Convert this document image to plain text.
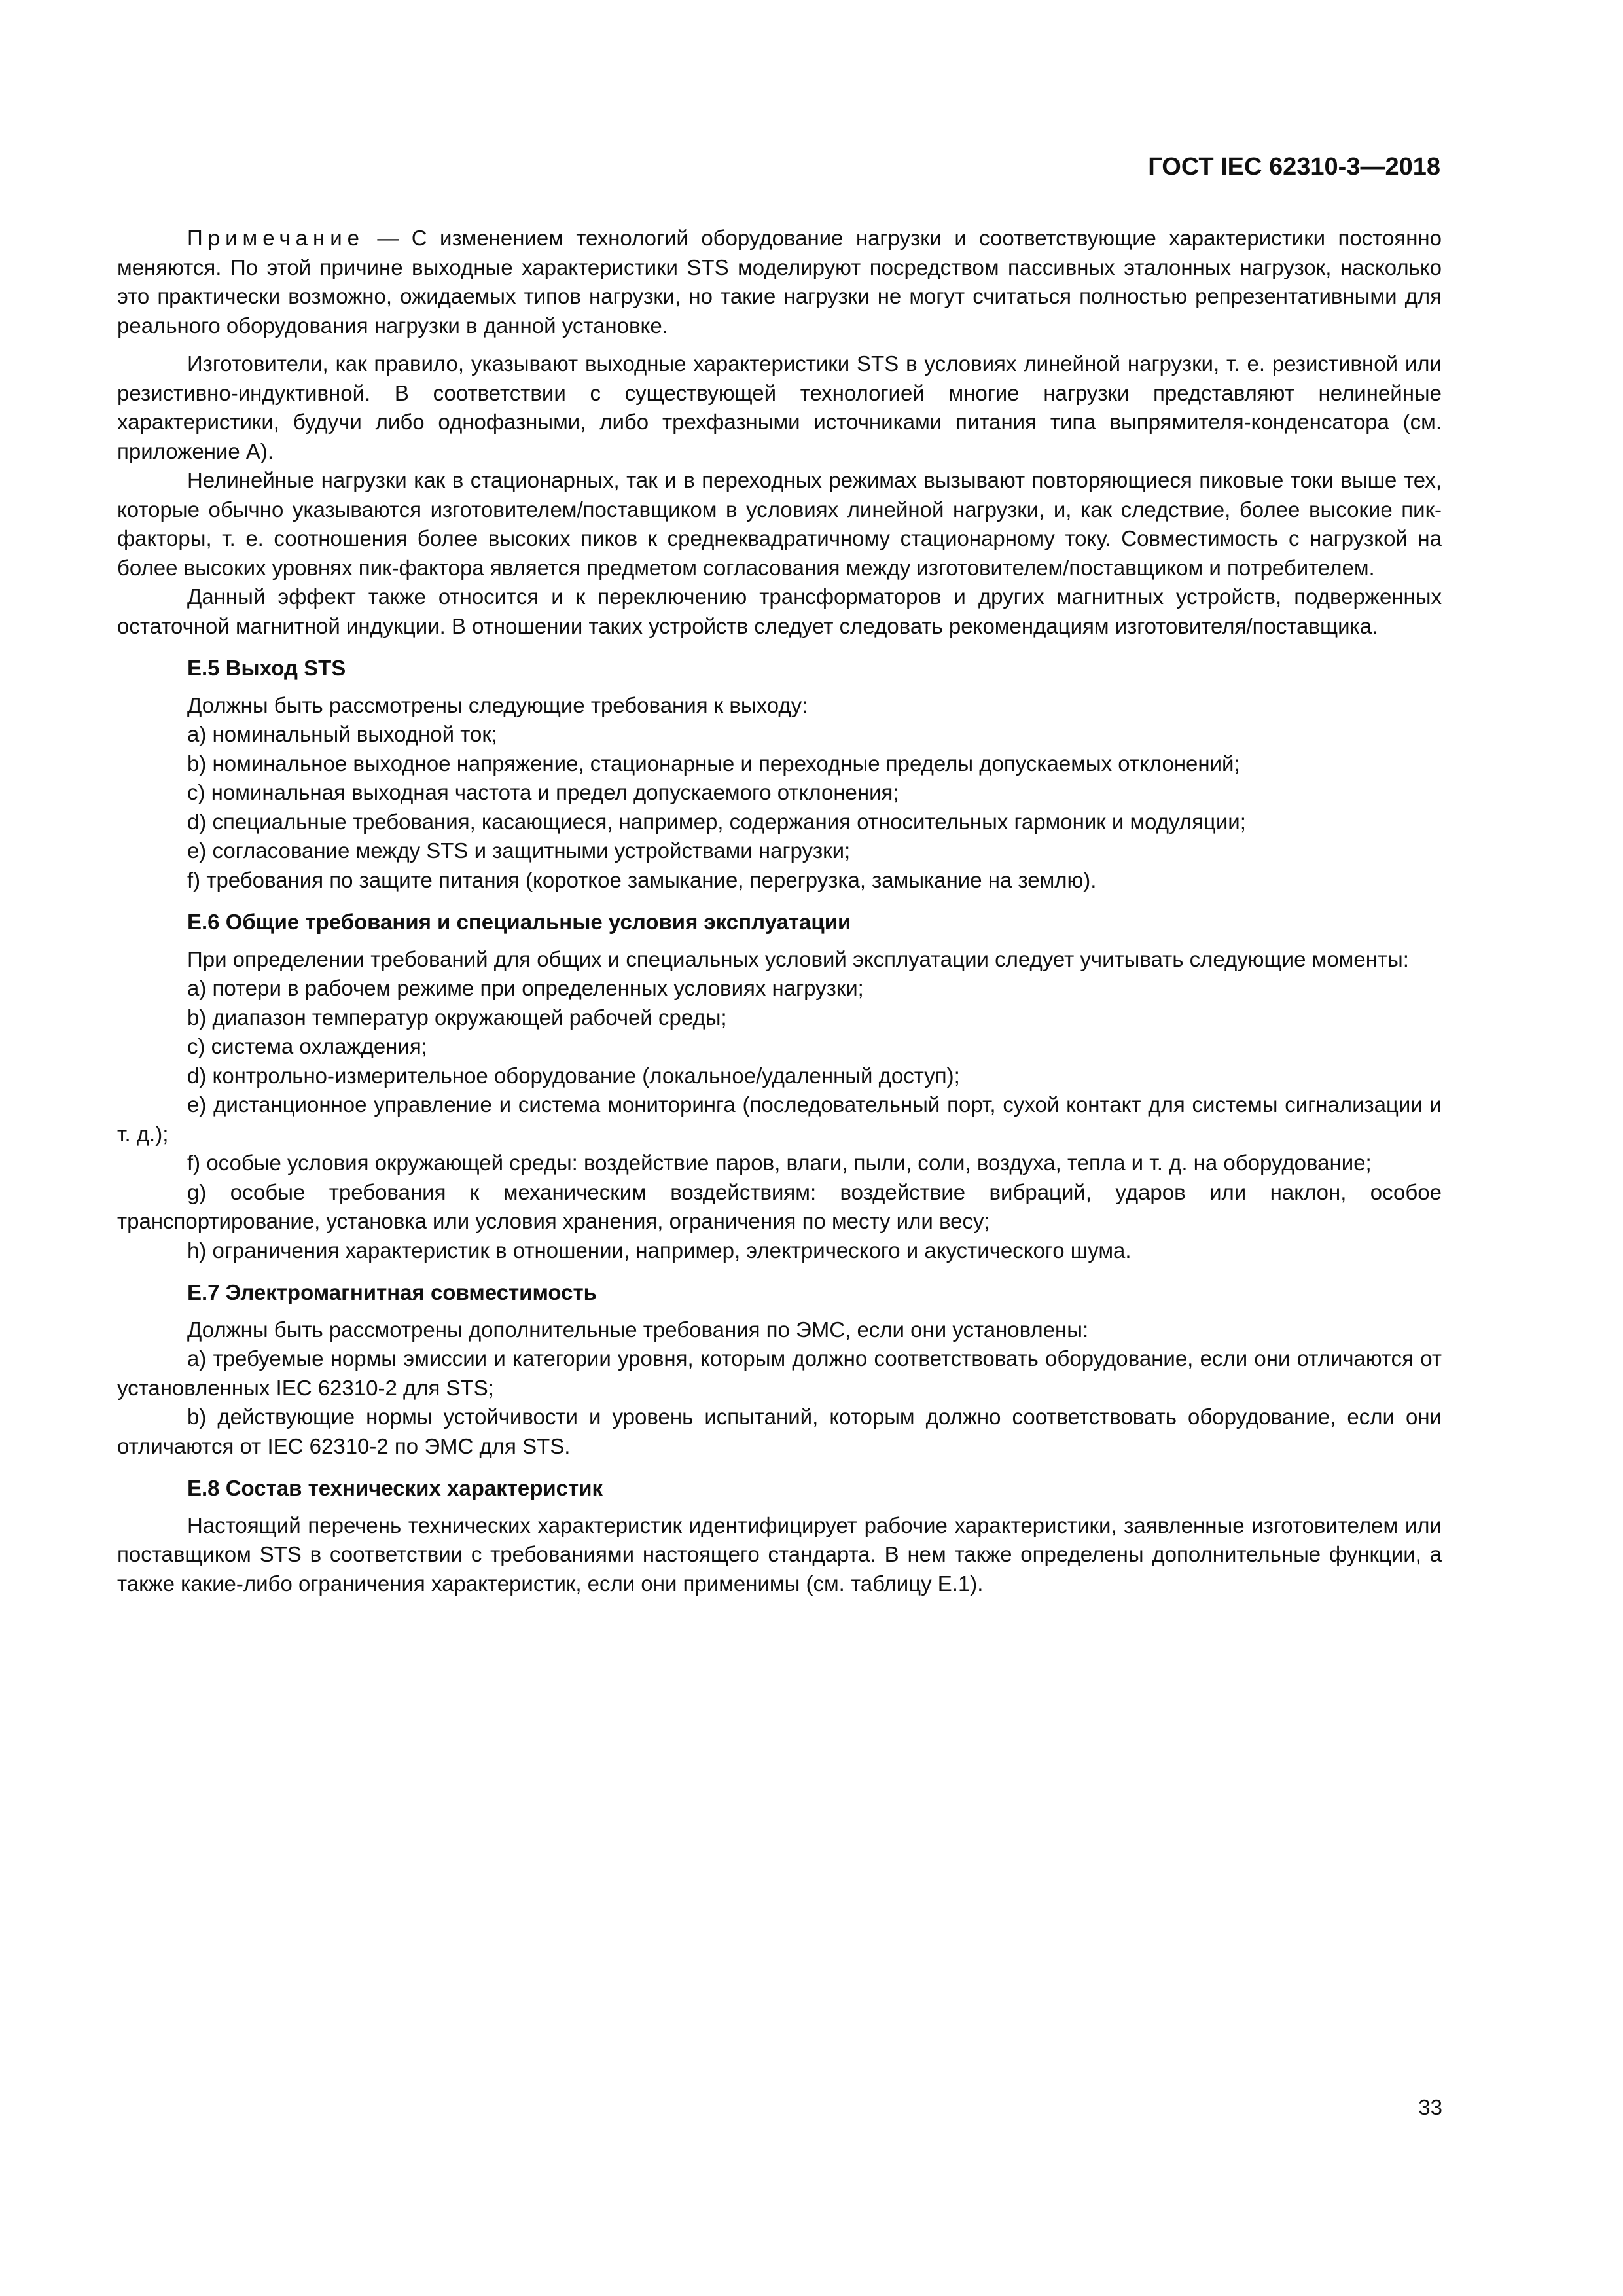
ГОСТ IEC 62310-3—2018

Примечание — С изменением технологий оборудование нагрузки и соответствующие характеристики постоянно меняются. По этой причине выходные характеристики STS моделируют посредством пассивных эталонных нагрузок, насколько это практически возможно, ожидаемых типов нагрузки, но такие нагрузки не могут считаться полностью репрезентативными для реального оборудования нагрузки в данной установке.

Изготовители, как правило, указывают выходные характеристики STS в условиях линейной нагрузки, т. е. резистивной или резистивно-индуктивной. В соответствии с существующей технологией многие нагрузки представляют нелинейные характеристики, будучи либо однофазными, либо трехфазными источниками питания типа выпрямителя-конденсатора (см. приложение А).

Нелинейные нагрузки как в стационарных, так и в переходных режимах вызывают повторяющиеся пиковые токи выше тех, которые обычно указываются изготовителем/поставщиком в условиях линейной нагрузки, и, как следствие, более высокие пик-факторы, т. е. соотношения более высоких пиков к среднеквадратичному стационарному току. Совместимость с нагрузкой на более высоких уровнях пик-фактора является предметом согласования между изготовителем/поставщиком и потребителем.

Данный эффект также относится и к переключению трансформаторов и других магнитных устройств, подверженных остаточной магнитной индукции. В отношении таких устройств следует следовать рекомендациям изготовителя/поставщика.

Е.5 Выход STS

Должны быть рассмотрены следующие требования к выходу:

a) номинальный выходной ток;

b) номинальное выходное напряжение, стационарные и переходные пределы допускаемых отклонений;

c) номинальная выходная частота и предел допускаемого отклонения;

d) специальные требования, касающиеся, например, содержания относительных гармоник и модуляции;

e) согласование между STS и защитными устройствами нагрузки;

f) требования по защите питания (короткое замыкание, перегрузка, замыкание на землю).

Е.6 Общие требования и специальные условия эксплуатации

При определении требований для общих и специальных условий эксплуатации следует учитывать следующие моменты:

a) потери в рабочем режиме при определенных условиях нагрузки;

b) диапазон температур окружающей рабочей среды;

c) система охлаждения;

d) контрольно-измерительное оборудование (локальное/удаленный доступ);

e) дистанционное управление и система мониторинга (последовательный порт, сухой контакт для системы сигнализации и т. д.);

f) особые условия окружающей среды: воздействие паров, влаги, пыли, соли, воздуха, тепла и т. д. на оборудование;

g) особые требования к механическим воздействиям: воздействие вибраций, ударов или наклон, особое транспортирование, установка или условия хранения, ограничения по месту или весу;

h) ограничения характеристик в отношении, например, электрического и акустического шума.

Е.7 Электромагнитная совместимость

Должны быть рассмотрены дополнительные требования по ЭМС, если они установлены:

a) требуемые нормы эмиссии и категории уровня, которым должно соответствовать оборудование, если они отличаются от установленных IEC 62310-2 для STS;

b) действующие нормы устойчивости и уровень испытаний, которым должно соответствовать оборудование, если они отличаются от IEC 62310-2 по ЭМС для STS.

Е.8 Состав технических характеристик

Настоящий перечень технических характеристик идентифицирует рабочие характеристики, заявленные изготовителем или поставщиком STS в соответствии с требованиями настоящего стандарта. В нем также определены дополнительные функции, а также какие-либо ограничения характеристик, если они применимы (см. таблицу Е.1).

33
